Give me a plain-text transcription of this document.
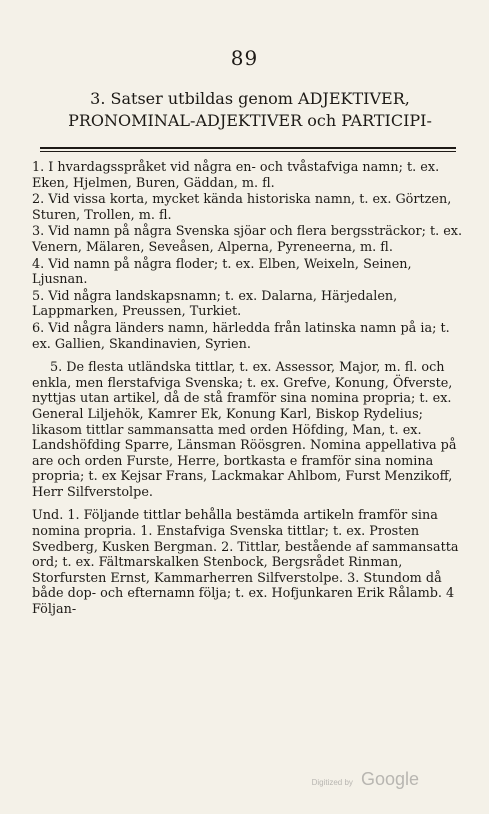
89
3. Satser utbildas genom ADJEKTIVER,
PRONOMINAL-ADJEKTIVER och PARTICIPI-
1. I hvardagsspråket vid några en- och tvåstafviga namn; t. ex. Eken, Hjelmen, Buren, Gäddan, m. fl.
2. Vid vissa korta, mycket kända historiska namn, t. ex. Görtzen, Sturen, Trollen, m. fl.
3. Vid namn på några Svenska sjöar och flera bergssträckor; t. ex. Venern, Mälaren, Seveåsen, Alperna, Pyreneerna, m. fl.
4. Vid namn på några floder; t. ex. Elben, Weixeln, Seinen, Ljusnan.
5. Vid några landskapsnamn; t. ex. Dalarna, Härjedalen, Lappmarken, Preussen, Turkiet.
6. Vid några länders namn, härledda från latinska namn på ia; t. ex. Gallien, Skandinavien, Syrien.

5. De flesta utländska tittlar, t. ex. Assessor, Major, m. fl. och enkla, men flerstafviga Svenska; t. ex. Grefve, Konung, Öfverste, nyttjas utan artikel, då de stå framför sina nomina propria; t. ex. General Liljehök, Kamrer Ek, Konung Karl, Biskop Rydelius; likasom tittlar sammansatta med orden Höfding, Man, t. ex. Landshöfding Sparre, Länsman Röösgren. Nomina appellativa på are och orden Furste, Herre, bortkasta e framför sina nomina propria; t. ex Kejsar Frans, Lackmakar Ahlbom, Furst Menzikoff, Herr Silfverstolpe.

Und. 1. Följande tittlar behålla bestämda artikeln framför sina nomina propria. 1. Enstafviga Svenska tittlar; t. ex. Prosten Svedberg, Kusken Bergman. 2. Tittlar, bestående af sammansatta ord; t. ex. Fältmarskalken Stenbock, Bergsrådet Rinman, Storfursten Ernst, Kammarherren Silfverstolpe. 3. Stundom då både dop- och efternamn följa; t. ex. Hofjunkaren Erik Rålamb. 4 Följan-

Digitized by Google
